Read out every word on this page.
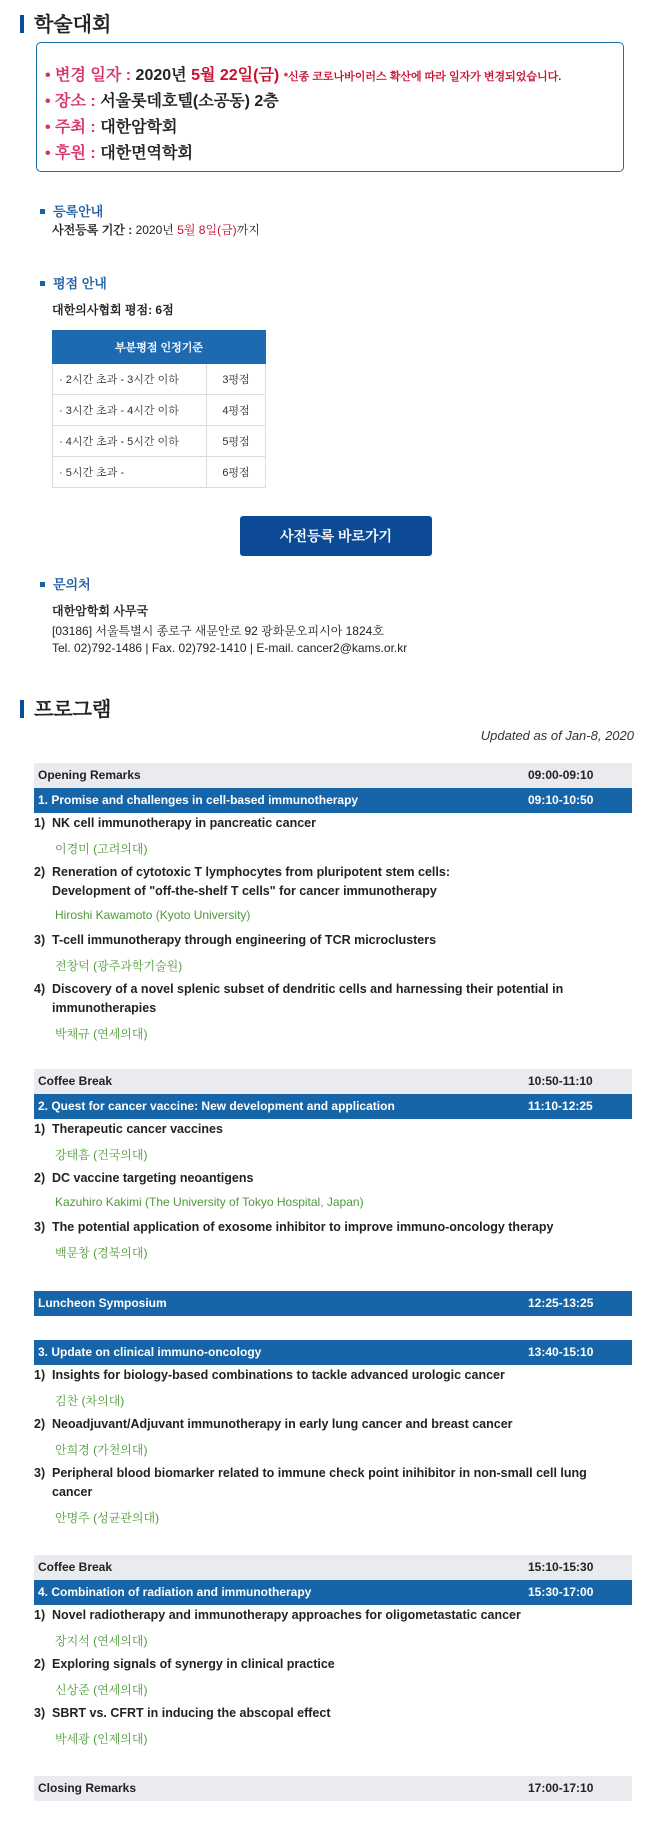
학술대회
• 변경 일자 : 2020년 5월 22일(금) *신종 코로나바이러스 확산에 따라 일자가 변경되었습니다.
• 장소 : 서울롯데호텔(소공동) 2층
• 주최 : 대한암학회
• 후원 : 대한면역학회
등록안내
사전등록 기간 : 2020년 5월 8일(금)까지
평점 안내
대한의사협회 평점: 6점
부분평점 인정기준	
· 2시간 초과 - 3시간 이하	3평점
· 3시간 초과 - 4시간 이하	4평점
· 4시간 초과 - 5시간 이하	5평점
· 5시간 초과 -	6평점
사전등록 바로가기
문의처
대한암학회 사무국
[03186] 서울특별시 종로구 새문안로 92 광화문오피시아 1824호
Tel. 02)792-1486 | Fax. 02)792-1410 | E-mail. cancer2@kams.or.kr
프로그램
Updated as of Jan-8, 2020
Opening Remarks	09:00-09:10
1. Promise and challenges in cell-based immunotherapy	09:10-10:50
1) NK cell immunotherapy in pancreatic cancer
이경미 (고려의대)
2) Reneration of cytotoxic T lymphocytes from pluripotent stem cells:
Development of "off-the-shelf T cells" for cancer immunotherapy
Hiroshi Kawamoto (Kyoto University)
3) T-cell immunotherapy through engineering of TCR microclusters
전창덕 (광주과학기술원)
4) Discovery of a novel splenic subset of dendritic cells and harnessing their potential in
immunotherapies
박채규 (연세의대)
Coffee Break	10:50-11:10
2. Quest for cancer vaccine: New development and application	11:10-12:25
1) Therapeutic cancer vaccines
강태흠 (건국의대)
2) DC vaccine targeting neoantigens
Kazuhiro Kakimi (The University of Tokyo Hospital, Japan)
3) The potential application of exosome inhibitor to improve immuno-oncology therapy
백문창 (경북의대)
Luncheon Symposium	12:25-13:25
3. Update on clinical immuno-oncology	13:40-15:10
1) Insights for biology-based combinations to tackle advanced urologic cancer
김찬 (차의대)
2) Neoadjuvant/Adjuvant immunotherapy in early lung cancer and breast cancer
안희경 (가천의대)
3) Peripheral blood biomarker related to immune check point inihibitor in non-small cell lung
cancer
안명주 (성균관의대)
Coffee Break	15:10-15:30
4. Combination of radiation and immunotherapy	15:30-17:00
1) Novel radiotherapy and immunotherapy approaches for oligometastatic cancer
장지석 (연세의대)
2) Exploring signals of synergy in clinical practice
신상준 (연세의대)
3) SBRT vs. CFRT in inducing the abscopal effect
박세광 (인제의대)
Closing Remarks	17:00-17:10
